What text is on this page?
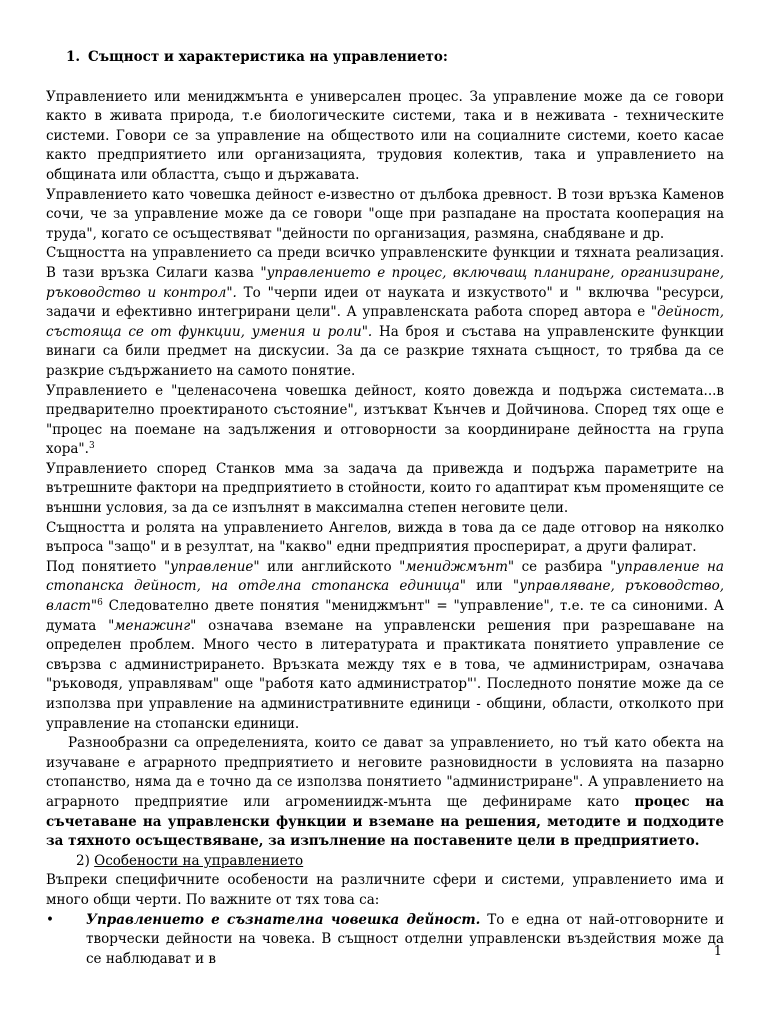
1. Същност и характеристика на управлението:

Управлението или мениджмънта е универсален процес. За управление може да се говори както в живата природа, т.е биологическите системи, така и в неживата - техническите системи. Говори се за управление на обществото или на социалните системи, което касае както предприятието или организацията, трудовия колектив, така и управлението на общината или областта, също и държавата.

Управлението като човешка дейност е-известно от дълбока древност. В този връзка Каменов сочи, че за управление може да се говори "още при разпадане на простата кооперация на труда", когато се осъществяват "дейности по организация, размяна, снабдяване и др.

Същността на управлението са преди всичко управленските функции и тяхната реализация. В тази връзка Силаги казва "управлението е процес, включващ планиране, организиране, ръководство и контрол". То "черпи идеи от науката и изкуството" и " включва "ресурси, задачи и ефективно интегрирани цели". А управленската работа според автора е "дейност, състояща се от функции, умения и роли". На броя и състава на управленските функции винаги са били предмет на дискусии. За да се разкрие тяхната същност, то трябва да се разкрие съдържанието на самото понятие.

Управлението е "целенасочена човешка дейност, която довежда и подържа системата...в предварително проектираното състояние", изтъкват Кънчев и Дойчинова. Според тях още е "процес на поемане на задължения и отговорности за координиране дейността на група хора".$^3$

Управлението според Станков мма за задача да привежда и подържа параметрите на вътрешните фактори на предприятието в стойности, които го адаптират към променящите се външни условия, за да се изпълнят в максимална степен неговите цели.

Същността и ролята на управлението Ангелов, вижда в това да се даде отговор на няколко въпроса "защо" и в резултат, на "какво" едни предприятия просперират, а други фалират.

Под понятието "управление" или английското "мениджмънт" се разбира "управление на стопанска дейност, на отделна стопанска единица" или "управляване, ръководство, власт"$^6$ Следователно двете понятия "мениджмънт" = "управление", т.е. те са синоними. А думата "менажинг" означава вземане на управленски решения при разрешаване на определен проблем. Много често в литературата и практиката понятието управление се свързва с администрирането. Връзката между тях е в това, че администрирам, означава "ръководя, управлявам" още "работя като администратор"'. Последното понятие може да се използва при управление на административните единици - общини, области, отколкото при управление на стопански единици.

Разнообразни са определенията, които се дават за управлението, но тъй като обекта на изучаване е аграрното предприятието и неговите разновидности в условията на пазарно стопанство, няма да е точно да се използва понятието "администриране". А управлението на аграрното предприятие или агромениидж-мънта ще дефинираме като процес на съчетаване на управленски функции и вземане на решения, методите и подходите за тяхното осъществяване, за изпълнение на поставените цели в предприятието.

2) Особености на управлението

Въпреки специфичните особености на различните сфери и системи, управлението има и много общи черти. По важните от тях това са:

•	Управлението е съзнателна човешка дейност. То е една от най-отговорните и творчески дейности на човека. В същност отделни управленски въздействия може да се наблюдават и в	1
